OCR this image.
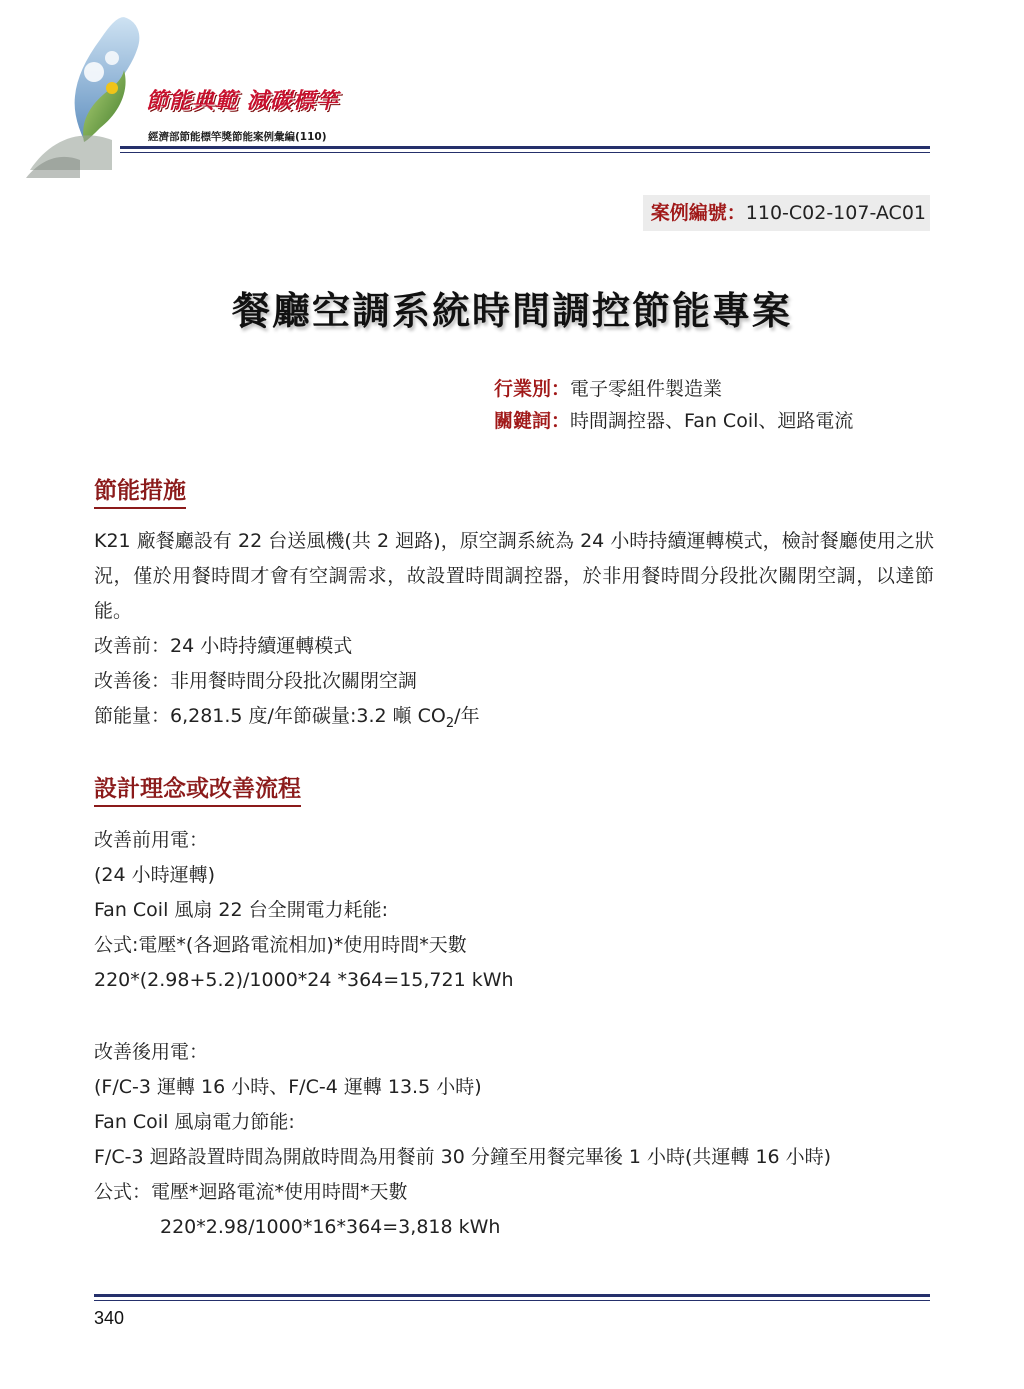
節能典範 減碳標竿
經濟部節能標竿獎節能案例彙編(110)
案例編號：110-C02-107-AC01
餐廳空調系統時間調控節能專案
行業別：電子零組件製造業
關鍵詞：時間調控器、Fan Coil、迴路電流
節能措施
K21 廠餐廳設有 22 台送風機(共 2 迴路)，原空調系統為 24 小時持續運轉模式，檢討餐廳使用之狀況，僅於用餐時間才會有空調需求，故設置時間調控器，於非用餐時間分段批次關閉空調，以達節能。
改善前：24 小時持續運轉模式
改善後：非用餐時間分段批次關閉空調
節能量：6,281.5 度/年節碳量:3.2 噸 $CO_2/$年
設計理念或改善流程
改善前用電：
(24 小時運轉)
Fan Coil 風扇 22 台全開電力耗能:
公式:電壓*(各迴路電流相加)*使用時間*天數
220*(2.98+5.2)/1000*24 *364=15,721 kWh
改善後用電：
(F/C-3 運轉 16 小時、F/C-4 運轉 13.5 小時)
Fan Coil 風扇電力節能:
F/C-3 迴路設置時間為開啟時間為用餐前 30 分鐘至用餐完畢後 1 小時(共運轉 16 小時)
公式：電壓*迴路電流*使用時間*天數
220*2.98/1000*16*364=3,818 kWh
340
